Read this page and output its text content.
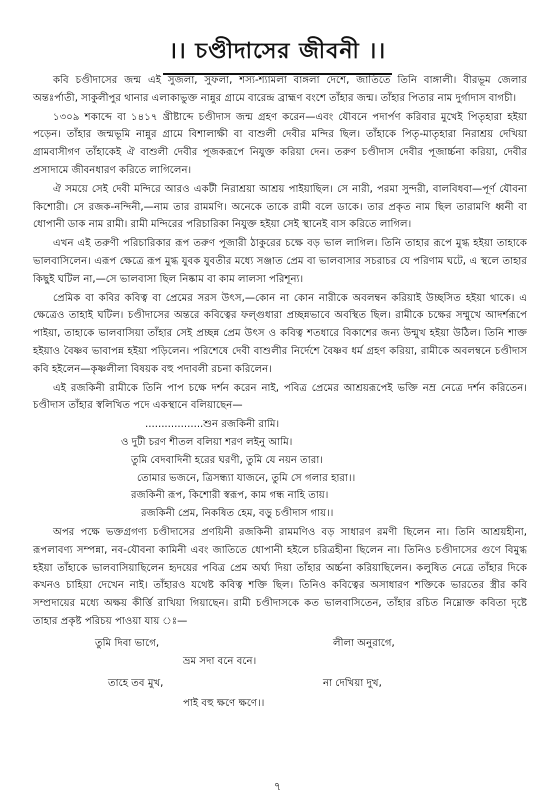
।। চণ্ডীদাসের জীবনী ।।

কবি চণ্ডীদাসের জন্ম এই সুজলা, সুফলা, শস্য-শ্যামলা বাঙ্গলা দেশে, জাতিতে তিনি বাঙ্গালী। বীরভূম জেলার অন্তঃর্পাতী, সাকুলীপুর থানার এলাকাভুক্ত নান্নুর গ্রামে বারেন্দ্র ব্রাহ্মণ বংশে তাঁহার জন্ম। তাঁহার পিতার নাম দুর্গাদাস বাগচী।

১৩০৯ শকাব্দে বা ১৪১৭ খ্রীষ্টাব্দে চণ্ডীদাস জন্ম গ্রহণ করেন—এবং যৌবনে পদার্পণ করিবার মুখেই পিতৃহারা হইয়া পড়েন। তাঁহার জন্মভূমি নান্নুর গ্রামে বিশালাক্ষী বা বাশুলী দেবীর মন্দির ছিল। তাঁহাকে পিতৃ-মাতৃহারা নিরাশ্রয় দেখিয়া গ্রামবাসীগণ তাঁহাকেই ঐ বাশুলী দেবীর পূজকরূপে নিযুক্ত করিয়া দেন। তরুণ চণ্ডীদাস দেবীর পূজার্চ্চনা করিয়া, দেবীর প্রসাদামে জীবনধারণ করিতে লাগিলেন।

ঐ সময়ে সেই দেবী মন্দিরে আরও একটী নিরাশ্রয়া আশ্রয় পাইয়াছিল। সে নারী, পরমা সুন্দরী, বালবিধবা—পূর্ণ যৌবনা কিশোরী। সে রজক-নন্দিনী,—নাম তার রামমণি। অনেকে তাকে রামী বলে ডাকে। তার প্রকৃত নাম ছিল তারামণি ধ্বনী বা ধোপানী ডাক নাম রামী। রামী মন্দিরের পরিচারিকা নিযুক্ত হইয়া সেই স্থানেই বাস করিতে লাগিল।

এখন এই তরুণী পরিচারিকার রূপ তরুণ পূজারী ঠাকুরের চক্ষে বড় ভাল লাগিল। তিনি তাহার রূপে মুগ্ধ হইয়া তাহাকে ভালবাসিলেন। এরূপ ক্ষেত্রে রূপ মুগ্ধ যুবক যুবতীর মধ্যে সঞ্জাত প্রেম বা ভালবাসার সচরাচর যে পরিণাম ঘটে, এ স্থলে তাহার কিছুই ঘটিল না,—সে ভালবাসা ছিল নিষ্কাম বা কাম লালসা পরিশূন্য।

প্রেমিক বা কবির কবিত্ব বা প্রেমের সরস উৎস,—কোন না কোন নারীকে অবলম্বন করিয়াই উচ্ছসিত হইয়া থাকে। এ ক্ষেত্রেও তাহাই ঘটিল। চণ্ডীদাসের অন্তরে কবিত্বের ফল্গুধারা প্রচ্ছন্নভাবে অবস্থিত ছিল। রামীকে চক্ষের সম্মুখে আদর্শরূপে পাইয়া, তাহাকে ভালবাসিয়া তাঁহার সেই প্রচ্ছন্ন প্রেম উৎস ও কবিত্ব শতধারে বিকাশের জন্য উন্মুখ হইয়া উঠিল। তিনি শাক্ত হইয়াও বৈষ্ণব ভাবাপন্ন হইয়া পড়িলেন। পরিশেষে দেবী বাশুলীর নির্দেশে বৈষ্ণব ধর্ম গ্রহণ করিয়া, রামীকে অবলম্বনে চণ্ডীদাস কবি হইলেন—কৃষ্ণলীলা বিষয়ক বহু পদাবলী রচনা করিলেন।

এই রজকিনী রামীকে তিনি পাপ চক্ষে দর্শন করেন নাই, পবিত্র প্রেমের আশ্রয়রূপেই ভক্তি নম্র নেত্রে দর্শন করিতেন। চণ্ডীদাস তাঁহার স্বলিখিত পদে একস্থানে বলিয়াছেন—

..................শুন রজকিনী রামি।

ও দুটী চরণ শীতল বলিয়া শরণ লইনু আমি।

তুমি বেদবাদিনী হরের ঘরণী, তুমি যে নয়ন তারা।

তোমার ভজনে, ত্রিসন্ধ্যা যাজনে, তুমি সে গলার হারা।।

রজকিনী রূপ, কিশোরী স্বরূপ, কাম গন্ধ নাহি তায়।

রজকিনী প্রেম, নিকষিত হেম, বড়ু চণ্ডীদাস গায়।।

অপর পক্ষে ভক্তগ্রগণ্য চণ্ডীদাসের প্রণয়িনী রজকিনী রামমণিও বড় সাধারণ রমণী ছিলেন না। তিনি আশ্রয়হীনা, রূপলাবণ্য সম্পন্না, নব-যৌবনা কামিনী এবং জাতিতে ধোপানী হইলে চরিত্রহীনা ছিলেন না। তিনিও চণ্ডীদাসের গুণে বিমুগ্ধ হইয়া তাঁহাকে ভালবাসিয়াছিলেন হৃদয়ের পবিত্র প্রেম অর্ঘ্য দিয়া তাঁহার অর্চ্চনা করিয়াছিলেন। কলুষিত নেত্রে তাঁহার দিকে কখনও চাহিয়া দেখেন নাই। তাঁহারও যথেষ্ট কবিত্ব শক্তি ছিল। তিনিও কবিত্বের অসাধারণ শক্তিকে ভারতের স্ত্রীর কবি সম্প্রদায়ের মধ্যে অক্ষয় কীর্ত্তি রাখিয়া গিয়াছেন। রামী চণ্ডীদাসকে কত ভালবাসিতেন, তাঁহার রচিত নিম্নোক্ত কবিতা দৃষ্টে তাহার প্রকৃষ্ট পরিচয় পাওয়া যায় ঃ—

তুমি দিবা ভাগে,	লীলা অনুরাগে,
ভ্রম সদা বনে বনে।
তাহে তব মুখ,	না দেখিয়া দুখ,
পাই বহু ক্ষণে ক্ষণে।।
৭
